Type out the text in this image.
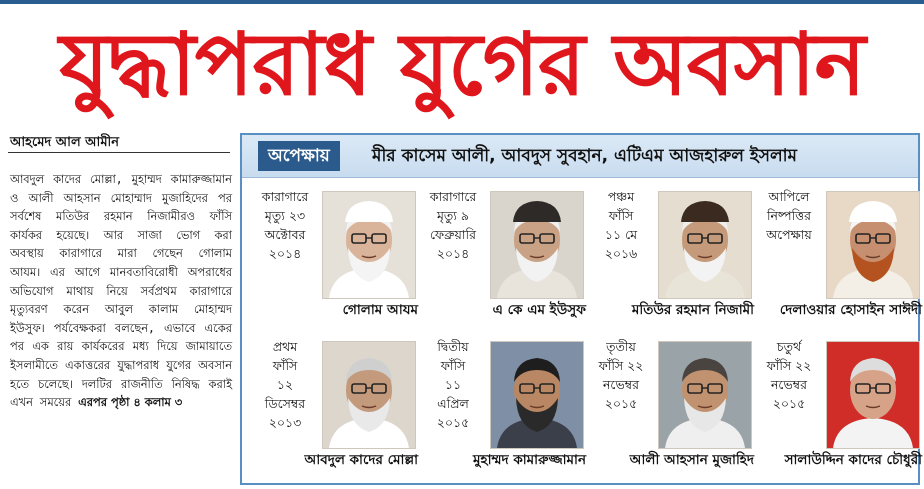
যুদ্ধাপরাধ যুগের অবসান
আহমেদ আল আমীন
আবদুল কাদের মোল্লা, মুহাম্মদ কামারুজ্জামান ও আলী আহসান মোহাম্মাদ মুজাহিদের পর সর্বশেষ মতিউর রহমান নিজামীরও ফাঁসি কার্যকর হয়েছে। আর সাজা ভোগ করা অবস্থায় কারাগারে মারা গেছেন গোলাম আযম। এর আগে মানবতাবিরোধী অপরাধের অভিযোগ মাথায় নিয়ে সর্বপ্রথম কারাগারে মৃত্যুবরণ করেন আবুল কালাম মোহাম্মদ ইউসুফ। পর্যবেক্ষকরা বলছেন, এভাবে একের পর এক রায় কার্যকরের মধ্য দিয়ে জামায়াতে ইসলামীতে একাত্তরের যুদ্ধাপরাধ যুগের অবসান হতে চলেছে। দলটির রাজনীতি নিষিদ্ধ করাই এখন সময়ের এরপর পৃষ্ঠা ৪ কলাম ৩
অপেক্ষায়	মীর কাসেম আলী, আবদুস সুবহান, এটিএম আজহারুল ইসলাম
কারাগারে
মৃত্যু ২৩
অক্টোবর
২০১৪
গোলাম আযম
কারাগারে
মৃত্যু ৯
ফেব্রুয়ারি
২০১৪
এ কে এম ইউসুফ
পঞ্চম
ফাঁসি
১১ মে
২০১৬
মতিউর রহমান নিজামী
আপিলে
নিষ্পত্তির
অপেক্ষায়
দেলাওয়ার হোসাইন সাঈদী
প্রথম
ফাঁসি
১২
ডিসেম্বর
২০১৩
আবদুল কাদের মোল্লা
দ্বিতীয়
ফাঁসি
১১
এপ্রিল
২০১৫
মুহাম্মদ কামারুজ্জামান
তৃতীয়
ফাঁসি ২২
নভেম্বর
২০১৫
আলী আহসান মুজাহিদ
চতুর্থ
ফাঁসি ২২
নভেম্বর
২০১৫
সালাউদ্দিন কাদের চৌধুরী
